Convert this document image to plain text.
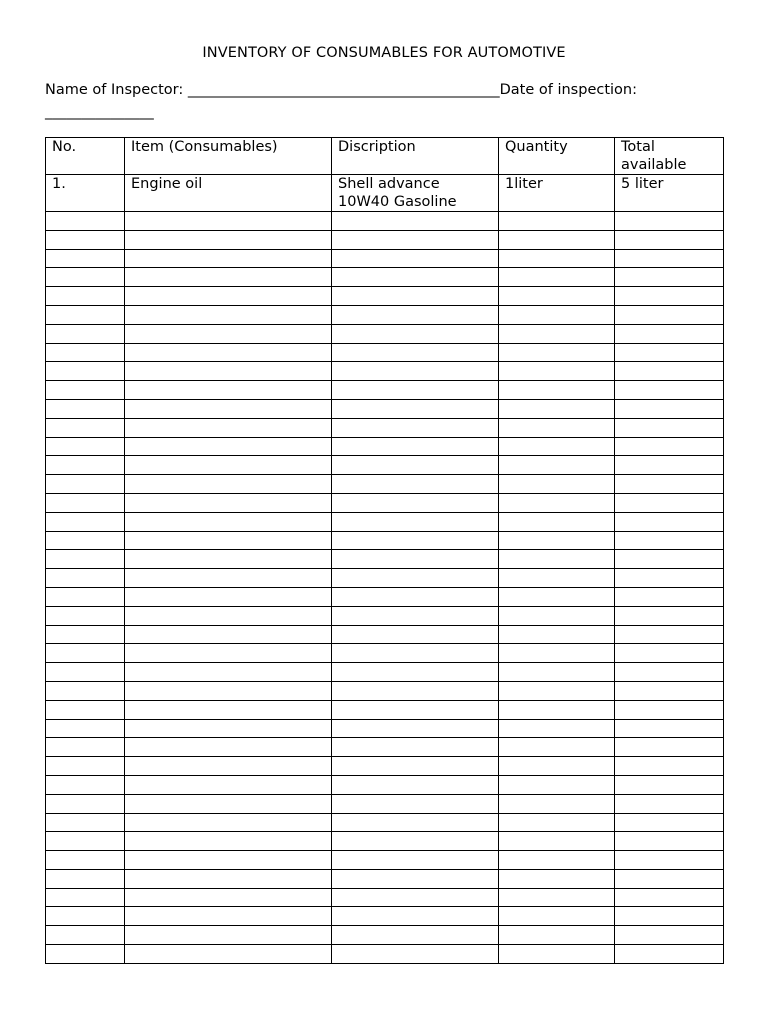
INVENTORY OF CONSUMABLES FOR AUTOMOTIVE
Name of Inspector: ___________________________________________Date of inspection:
_______________
No.	Item (Consumables)	Discription	Quantity	Total available
1.	Engine oil	Shell advance 10W40 Gasoline	1liter	5 liter
